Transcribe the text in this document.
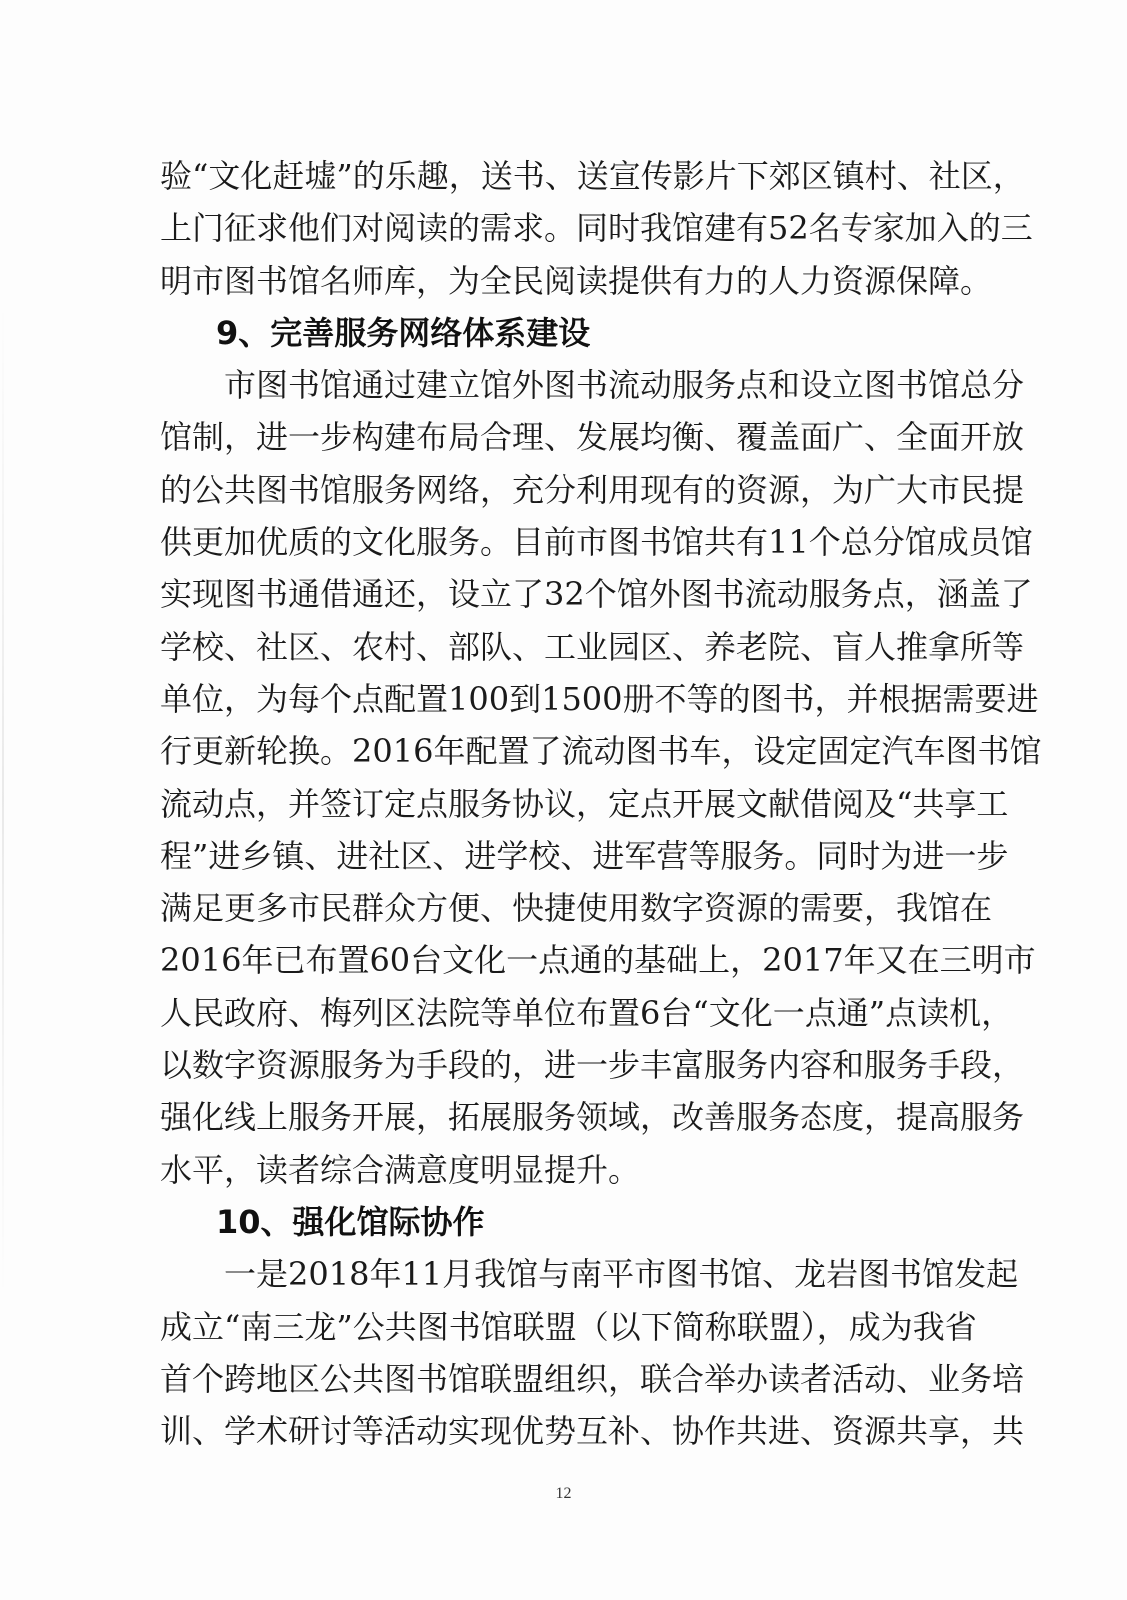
验“文化赶墟”的乐趣，送书、送宣传影片下郊区镇村、社区，
上门征求他们对阅读的需求。同时我馆建有52名专家加入的三
明市图书馆名师库，为全民阅读提供有力的人力资源保障。
9、完善服务网络体系建设
市图书馆通过建立馆外图书流动服务点和设立图书馆总分
馆制，进一步构建布局合理、发展均衡、覆盖面广、全面开放
的公共图书馆服务网络，充分利用现有的资源，为广大市民提
供更加优质的文化服务。目前市图书馆共有11个总分馆成员馆
实现图书通借通还，设立了32个馆外图书流动服务点，涵盖了
学校、社区、农村、部队、工业园区、养老院、盲人推拿所等
单位，为每个点配置100到1500册不等的图书，并根据需要进
行更新轮换。2016年配置了流动图书车，设定固定汽车图书馆
流动点，并签订定点服务协议，定点开展文献借阅及“共享工
程”进乡镇、进社区、进学校、进军营等服务。同时为进一步
满足更多市民群众方便、快捷使用数字资源的需要，我馆在
2016年已布置60台文化一点通的基础上，2017年又在三明市
人民政府、梅列区法院等单位布置6台“文化一点通”点读机，
以数字资源服务为手段的，进一步丰富服务内容和服务手段，
强化线上服务开展，拓展服务领域，改善服务态度，提高服务
水平，读者综合满意度明显提升。
10、强化馆际协作
一是2018年11月我馆与南平市图书馆、龙岩图书馆发起
成立“南三龙”公共图书馆联盟（以下简称联盟），成为我省
首个跨地区公共图书馆联盟组织，联合举办读者活动、业务培
训、学术研讨等活动实现优势互补、协作共进、资源共享，共
12
